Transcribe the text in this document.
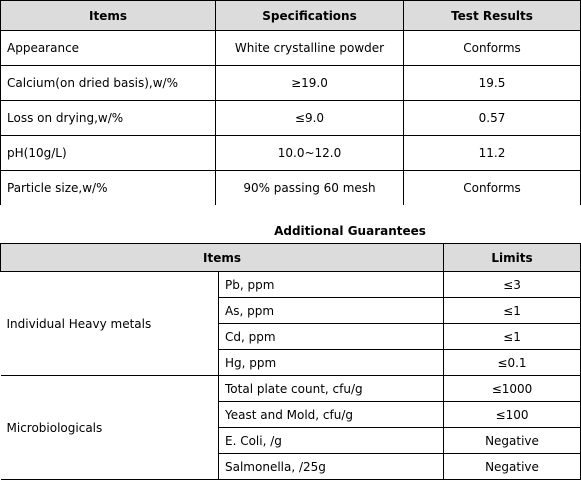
Items	Specifications	Test Results
Appearance	White crystalline powder	Conforms
Calcium(on dried basis),w/%	≥19.0	19.5
Loss on drying,w/%	≤9.0	0.57
pH(10g/L)	10.0~12.0	11.2
Particle size,w/%	90% passing 60 mesh	Conforms
Additional Guarantees
Items		Limits
Individual Heavy metals	Pb, ppm	≤3
	As, ppm	≤1
	Cd, ppm	≤1
	Hg, ppm	≤0.1
Microbiologicals	Total plate count, cfu/g	≤1000
	Yeast and Mold, cfu/g	≤100
	E. Coli, /g	Negative
	Salmonella, /25g	Negative
